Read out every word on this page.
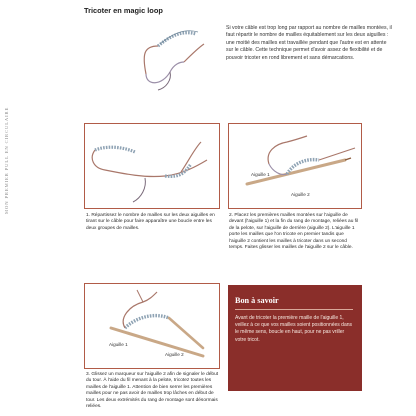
MON PREMIER PULL EN CIRCULAIRE
Tricoter en magic loop
Si votre câble est trop long par rapport au nombre de mailles montées, il faut répartir le nombre de mailles équitablement sur les deux aiguilles : une moitié des mailles est travaillée pendant que l'autre est en attente sur le câble. Cette technique permet d'avoir assez de flexibilité et de pouvoir tricoter en rond librement et sans démarcations.
1. Répartissez le nombre de mailles sur les deux aiguilles en tirant sur le câble pour faire apparaître une boucle entre les deux groupes de mailles.
Aiguille 1
Aiguille 2
2. Placez les premières mailles montées sur l'aiguille de devant (l'aiguille 1) et la fin du rang de montage, reliées au fil de la pelote, sur l'aiguille de derrière (aiguille 2). L'aiguille 1 porte les mailles que l'on tricote en premier tandis que l'aiguille 2 contient les mailles à tricoter dans un second temps. Faites glisser les mailles de l'aiguille 2 sur le câble.
Aiguille 1
Aiguille 2
3. Glissez un marqueur sur l'aiguille 2 afin de signaler le début du tour. À l'aide du fil menant à la pelote, tricotez toutes les mailles de l'aiguille 1. Attention de bien serrer les premières mailles pour ne pas avoir de mailles trop lâches en début de tour. Les deux extrémités du rang de montage sont désormais reliées.
Bon à savoir
Avant de tricoter la première maille de l'aiguille 1, veillez à ce que vos mailles soient positionnées dans le même sens, boucle en haut, pour ne pas vriller votre tricot.
